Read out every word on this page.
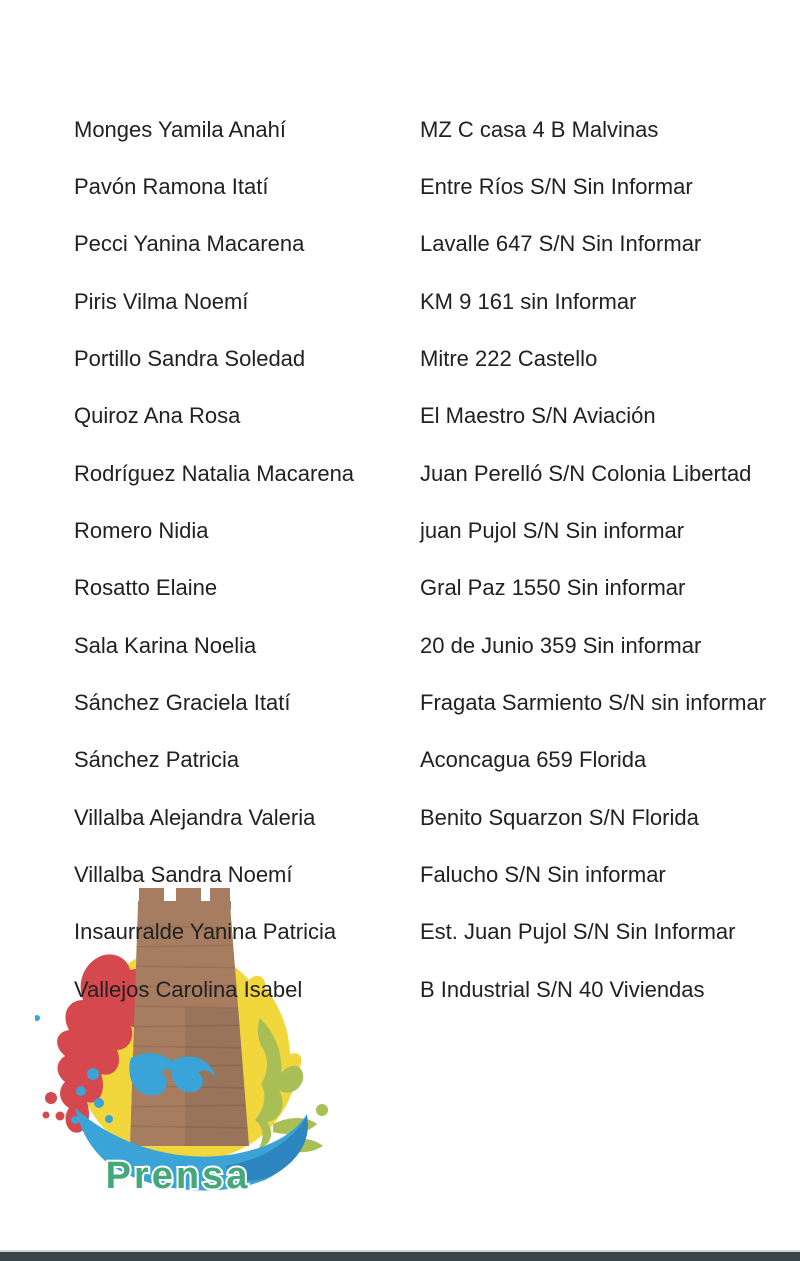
Monges Yamila Anahí	MZ C casa 4 B Malvinas
Pavón Ramona Itatí	Entre Ríos S/N Sin Informar
Pecci Yanina Macarena	Lavalle 647 S/N Sin Informar
Piris Vilma Noemí	KM 9 161 sin Informar
Portillo Sandra Soledad	Mitre 222 Castello
Quiroz Ana Rosa	El Maestro S/N Aviación
Rodríguez Natalia Macarena	Juan Perelló S/N Colonia Libertad
Romero Nidia	juan Pujol S/N Sin informar
Rosatto Elaine	Gral Paz 1550 Sin informar
Sala Karina Noelia	20 de Junio 359 Sin informar
Sánchez Graciela Itatí	Fragata Sarmiento S/N sin informar
Sánchez Patricia	Aconcagua 659 Florida
Villalba Alejandra Valeria	Benito Squarzon S/N Florida
Villalba Sandra Noemí	Falucho S/N Sin informar
Insaurralde Yanina Patricia	Est. Juan Pujol S/N Sin Informar
Vallejos Carolina Isabel	B Industrial S/N 40 Viviendas
Prensa
